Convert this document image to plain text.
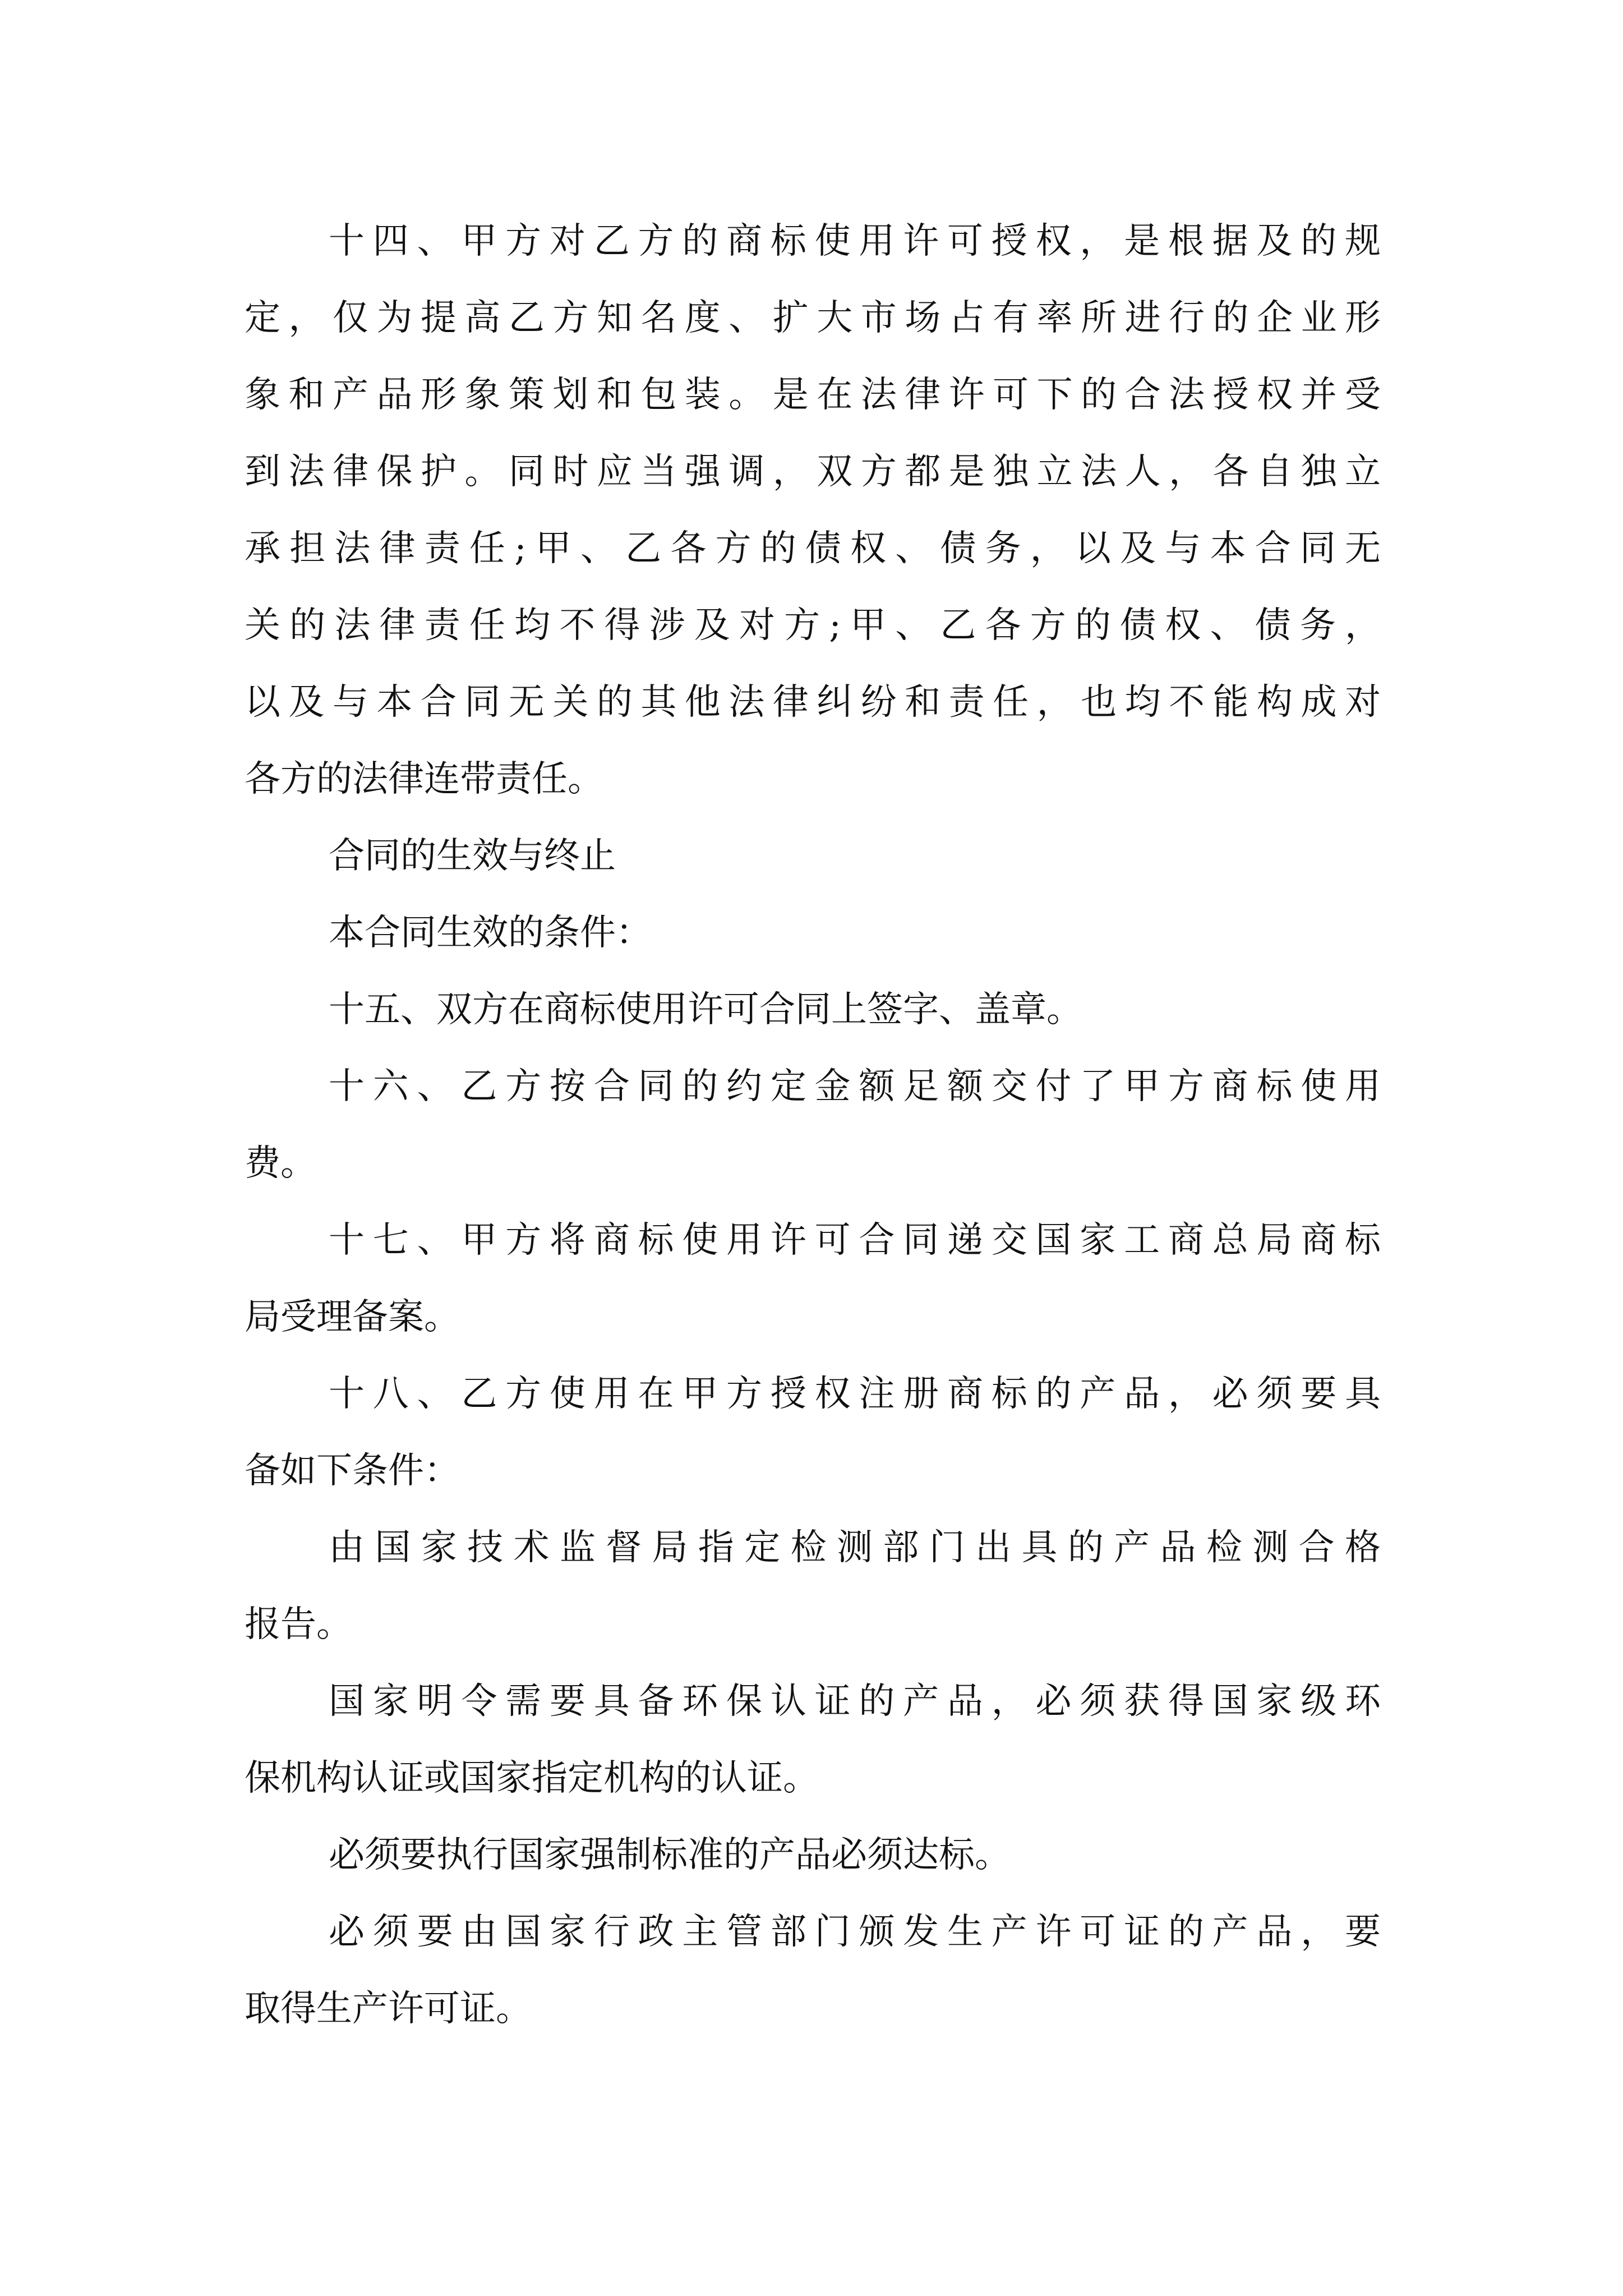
十四、甲方对乙方的商标使用许可授权，是根据及的规
定，仅为提高乙方知名度、扩大市场占有率所进行的企业形
象和产品形象策划和包装。是在法律许可下的合法授权并受
到法律保护。同时应当强调，双方都是独立法人，各自独立
承担法律责任;甲、乙各方的债权、债务，以及与本合同无
关的法律责任均不得涉及对方;甲、乙各方的债权、债务，
以及与本合同无关的其他法律纠纷和责任，也均不能构成对
各方的法律连带责任。
合同的生效与终止
本合同生效的条件：
十五、双方在商标使用许可合同上签字、盖章。
十六、乙方按合同的约定金额足额交付了甲方商标使用
费。
十七、甲方将商标使用许可合同递交国家工商总局商标
局受理备案。
十八、乙方使用在甲方授权注册商标的产品，必须要具
备如下条件：
由国家技术监督局指定检测部门出具的产品检测合格
报告。
国家明令需要具备环保认证的产品，必须获得国家级环
保机构认证或国家指定机构的认证。
必须要执行国家强制标准的产品必须达标。
必须要由国家行政主管部门颁发生产许可证的产品，要
取得生产许可证。
